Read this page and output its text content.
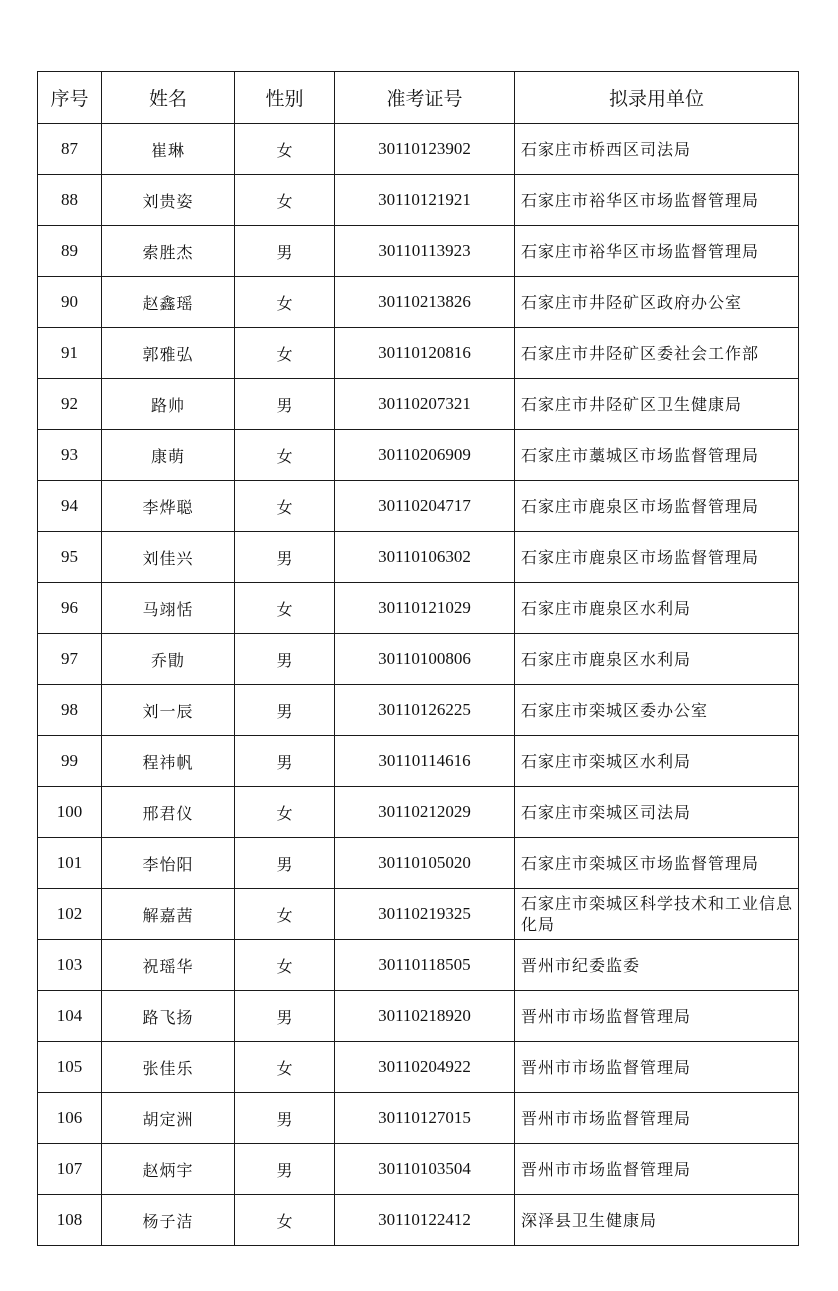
序号	姓名	性别	准考证号	拟录用单位
87	崔琳	女	30110123902	石家庄市桥西区司法局
88	刘贵姿	女	30110121921	石家庄市裕华区市场监督管理局
89	索胜杰	男	30110113923	石家庄市裕华区市场监督管理局
90	赵鑫瑶	女	30110213826	石家庄市井陉矿区政府办公室
91	郭雅弘	女	30110120816	石家庄市井陉矿区委社会工作部
92	路帅	男	30110207321	石家庄市井陉矿区卫生健康局
93	康萌	女	30110206909	石家庄市藁城区市场监督管理局
94	李烨聪	女	30110204717	石家庄市鹿泉区市场监督管理局
95	刘佳兴	男	30110106302	石家庄市鹿泉区市场监督管理局
96	马翊恬	女	30110121029	石家庄市鹿泉区水利局
97	乔勖	男	30110100806	石家庄市鹿泉区水利局
98	刘一辰	男	30110126225	石家庄市栾城区委办公室
99	程祎帆	男	30110114616	石家庄市栾城区水利局
100	邢君仪	女	30110212029	石家庄市栾城区司法局
101	李怡阳	男	30110105020	石家庄市栾城区市场监督管理局
102	解嘉茜	女	30110219325	石家庄市栾城区科学技术和工业信息化局
103	祝瑶华	女	30110118505	晋州市纪委监委
104	路飞扬	男	30110218920	晋州市市场监督管理局
105	张佳乐	女	30110204922	晋州市市场监督管理局
106	胡定洲	男	30110127015	晋州市市场监督管理局
107	赵炳宇	男	30110103504	晋州市市场监督管理局
108	杨子洁	女	30110122412	深泽县卫生健康局
